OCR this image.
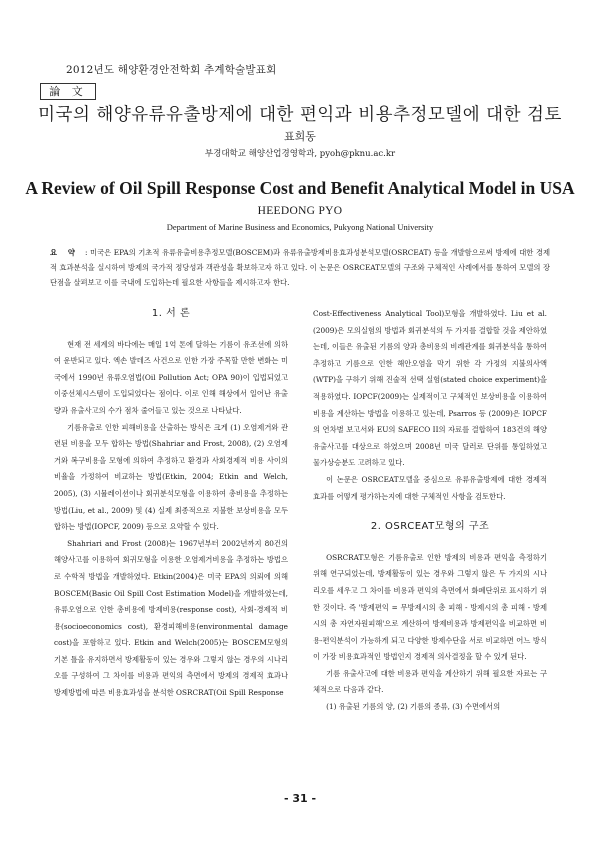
2012년도 해양환경안전학회 추계학술발표회
論 文
미국의 해양유류유출방제에 대한 편익과 비용추정모델에 대한 검토
표희동
부경대학교 해양산업경영학과, pyoh@pknu.ac.kr
A Review of Oil Spill Response Cost and Benefit Analytical Model in USA
HEEDONG PYO
Department of Marine Business and Economics, Pukyong National University
요 약 : 미국은 EPA의 기초적 유류유출비용추정모델(BOSCEM)과 유류유출방제비용효과성분석모델(OSRCEAT) 등을 개발함으로써 방제에 대한 경제적 효과분석을 실시하여 방제의 국가적 정당성과 객관성을 확보하고자 하고 있다. 이 논문은 OSRCEAT모델의 구조와 구체적인 사례에서를 통하여 모델의 장단점을 살펴보고 이를 국내에 도입하는데 필요한 사항들을 제시하고자 한다.
1. 서 론

현재 전 세계의 바다에는 매일 1억 톤에 달하는 기름이 유조선에 의하여 운반되고 있다. 엑손 발데즈 사건으로 인한 가장 주목할 만한 변화는 미국에서 1990년 유류오염법(Oil Pollution Act; OPA 90)이 입법되었고 이중선체시스템이 도입되었다는 점이다. 이로 인해 해상에서 일어난 유출량과 유출사고의 수가 점차 줄어들고 있는 것으로 나타났다.

기름유출로 인한 피해비용을 산출하는 방식은 크게 (1) 오염제거와 관련된 비용을 모두 합하는 방법(Shahriar and Frost, 2008), (2) 오염제거와 복구비용을 모형에 의하여 추정하고 환경과 사회경제적 비용 사이의 비율을 가정하여 비교하는 방법(Etkin, 2004; Etkin and Welch, 2005), (3) 시뮬레이션이나 회귀분석모형을 이용하여 총비용을 추정하는 방법(Liu, et al., 2009) 및 (4) 실제 최종적으로 지불한 보상비용을 모두 합하는 방법(IOPCF, 2009) 등으로 요약할 수 있다.

Shahriari and Frost (2008)는 1967년부터 2002년까지 80건의 해양사고를 이용하여 회귀모형을 이용한 오염제거비용을 추정하는 방법으로 수학적 방법을 개발하였다. Etkin(2004)은 미국 EPA의 의뢰에 의해 BOSCEM(Basic Oil Spill Cost Estimation Model)을 개발하였는데, 유류오염으로 인한 총비용에 방제비용(response cost), 사회-경제적 비용(socioeconomics cost), 환경피해비용(environmental damage cost)을 포함하고 있다. Etkin and Welch(2005)는 BOSCEM모형의 기본 틀을 유지하면서 방제활동이 있는 경우와 그렇지 않는 경우의 시나리오를 구성하여 그 차이를 비용과 편익의 측면에서 방제의 경제적 효과나 방제방법에 따른 비용효과성을 분석한 OSRCRAT(Oil Spill Response

Cost-Effectiveness Analytical Tool)모형을 개발하였다. Liu et al.(2009)은 모의실험의 방법과 회귀분석의 두 가지를 결합할 것을 제안하였는데, 이들은 유출된 기름의 양과 총비용의 비례관계를 회귀분석을 통하여 추정하고 기름으로 인한 해안오염을 막기 위한 각 가정의 지불의사액(WTP)을 구하기 위해 진술적 선택 실험(stated choice experiment)을 적용하였다. IOPCF(2009)는 실제적이고 구체적인 보상비용을 이용하여 비용을 계산하는 방법을 이용하고 있는데, Psarros 등 (2009)은 IOPCF의 연차별 보고서와 EU의 SAFECO II의 자료를 결합하여 183건의 해양유출사고를 대상으로 하였으며 2008년 미국 달러로 단위를 통일하였고 물가상승분도 고려하고 있다.

이 논문은 OSRCEAT모델을 중심으로 유류유출방제에 대한 경제적 효과를 어떻게 평가하는지에 대한 구체적인 사항을 검토한다.

2. OSRCEAT모형의 구조

OSRCRAT모형은 기름유출로 인한 방제의 비용과 편익을 측정하기 위해 연구되었는데, 방제활동이 있는 경우와 그렇지 않은 두 가지의 시나리오를 세우고 그 차이를 비용과 편익의 측면에서 화폐단위로 표시하기 위한 것이다. 즉 '방제편익 = 무방제시의 총 피해 - 방제시의 총 피해 - 방제시의 총 자연자원피해'으로 계산하여 방제비용과 방제편익을 비교하면 비용-편익분석이 가능하게 되고 다양한 방제수단을 서로 비교하면 어느 방식이 가장 비용효과적인 방법인지 경제적 의사결정을 할 수 있게 된다.

기름 유출사고에 대한 비용과 편익을 계산하기 위해 필요한 자료는 구체적으로 다음과 같다.

(1) 유출된 기름의 양, (2) 기름의 종류, (3) 수면에서의

- 31 -
